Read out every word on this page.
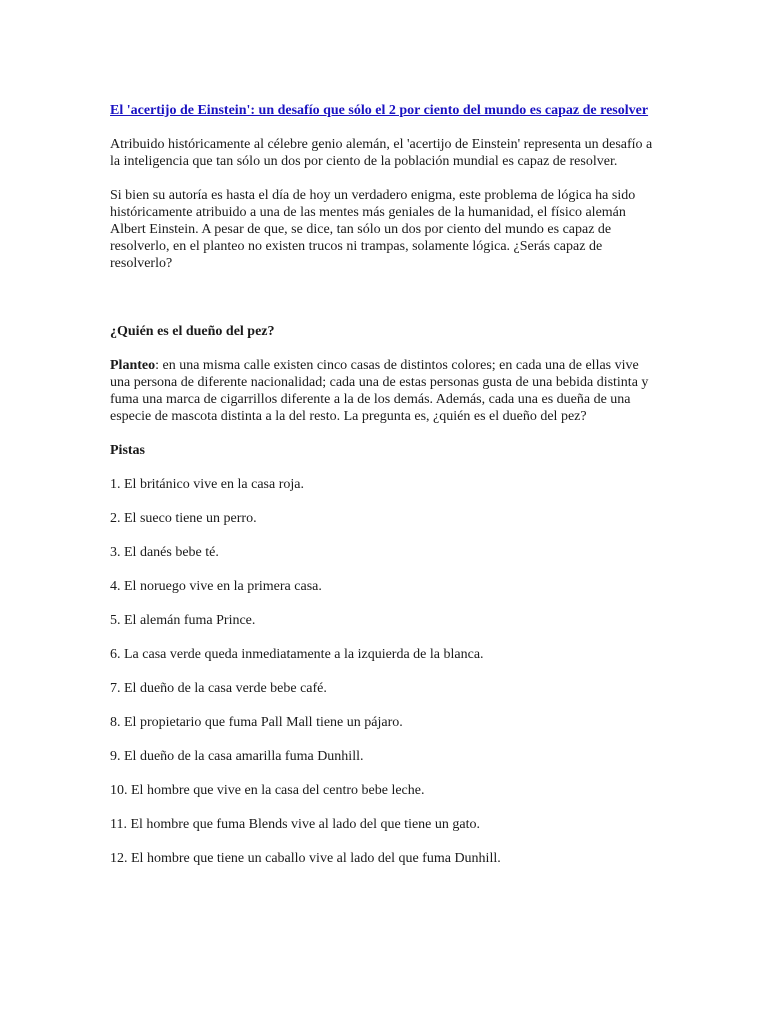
El 'acertijo de Einstein': un desafío que sólo el 2 por ciento del mundo es capaz de resolver

Atribuido históricamente al célebre genio alemán, el 'acertijo de Einstein' representa un desafío a la inteligencia que tan sólo un dos por ciento de la población mundial es capaz de resolver.

Si bien su autoría es hasta el día de hoy un verdadero enigma, este problema de lógica ha sido históricamente atribuido a una de las mentes más geniales de la humanidad, el físico alemán Albert Einstein. A pesar de que, se dice, tan sólo un dos por ciento del mundo es capaz de resolverlo, en el planteo no existen trucos ni trampas, solamente lógica. ¿Serás capaz de resolverlo?

¿Quién es el dueño del pez?

Planteo: en una misma calle existen cinco casas de distintos colores; en cada una de ellas vive una persona de diferente nacionalidad; cada una de estas personas gusta de una bebida distinta y fuma una marca de cigarrillos diferente a la de los demás. Además, cada una es dueña de una especie de mascota distinta a la del resto. La pregunta es, ¿quién es el dueño del pez?

Pistas

1. El británico vive en la casa roja.

2. El sueco tiene un perro.

3. El danés bebe té.

4. El noruego vive en la primera casa.

5. El alemán fuma Prince.

6. La casa verde queda inmediatamente a la izquierda de la blanca.

7. El dueño de la casa verde bebe café.

8. El propietario que fuma Pall Mall tiene un pájaro.

9. El dueño de la casa amarilla fuma Dunhill.

10. El hombre que vive en la casa del centro bebe leche.

11. El hombre que fuma Blends vive al lado del que tiene un gato.

12. El hombre que tiene un caballo vive al lado del que fuma Dunhill.
